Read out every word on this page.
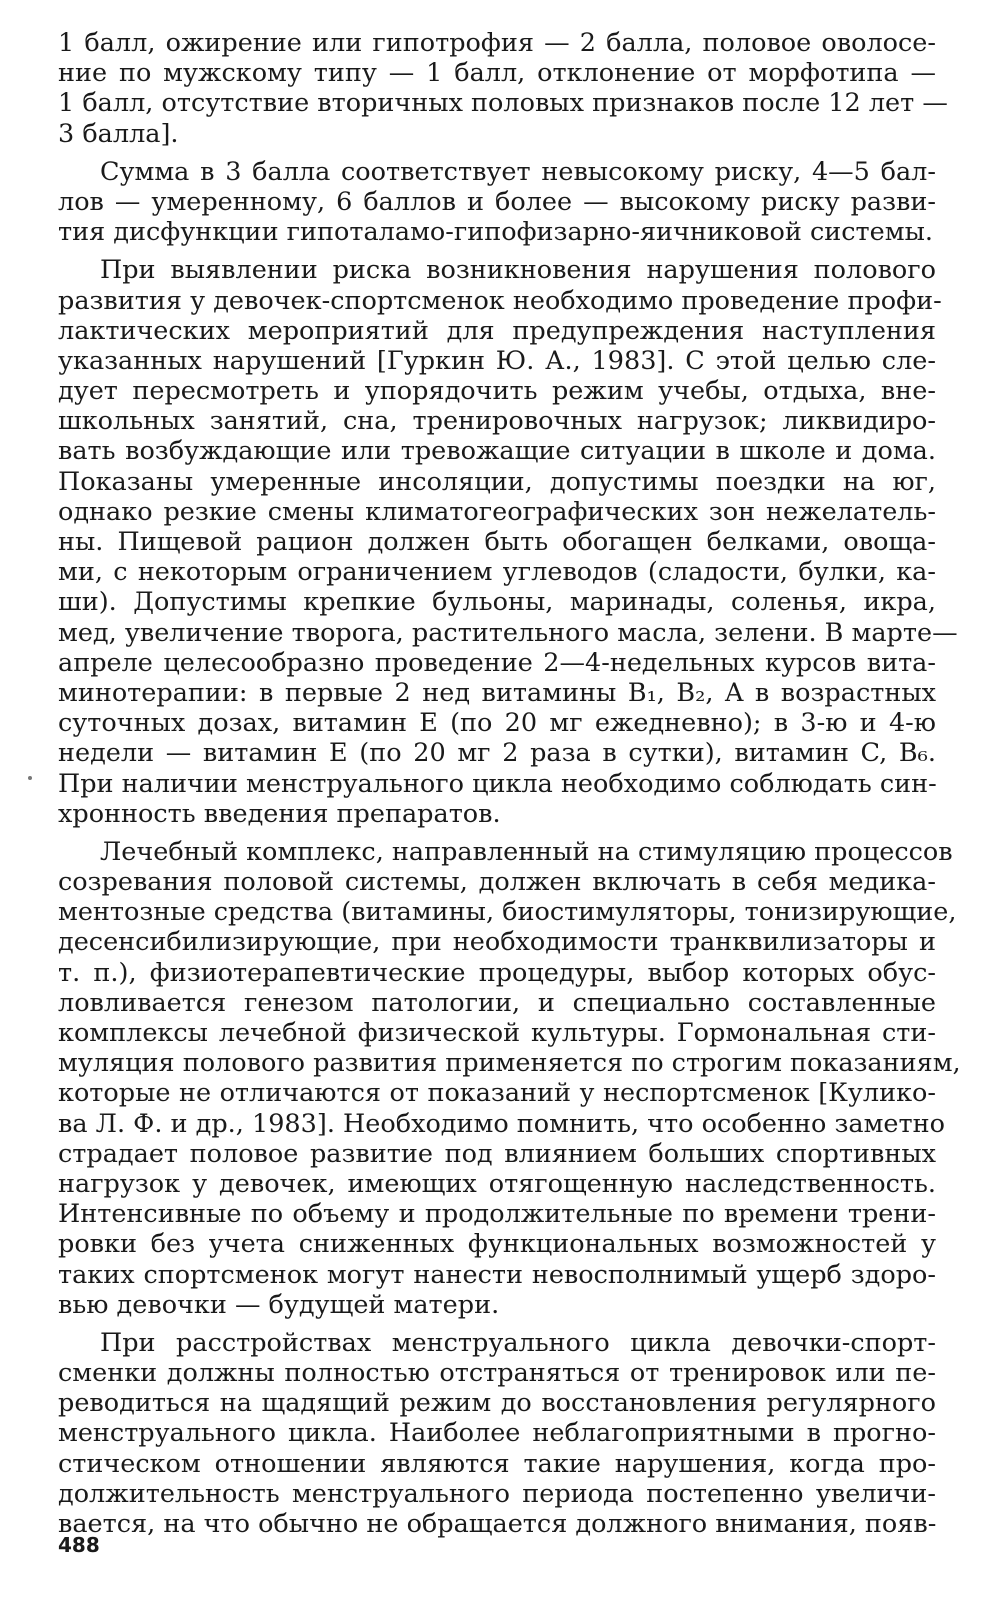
1 балл, ожирение или гипотрофия — 2 балла, половое оволосе-
ние по мужскому типу — 1 балл, отклонение от морфотипа —
1 балл, отсутствие вторичных половых признаков после 12 лет —
3 балла].
Сумма в 3 балла соответствует невысокому риску, 4—5 бал-
лов — умеренному, 6 баллов и более — высокому риску разви-
тия дисфункции гипоталамо-гипофизарно-яичниковой системы.
При выявлении риска возникновения нарушения полового
развития у девочек-спортсменок необходимо проведение профи-
лактических мероприятий для предупреждения наступления
указанных нарушений [Гуркин Ю. А., 1983]. С этой целью сле-
дует пересмотреть и упорядочить режим учебы, отдыха, вне-
школьных занятий, сна, тренировочных нагрузок; ликвидиро-
вать возбуждающие или тревожащие ситуации в школе и дома.
Показаны умеренные инсоляции, допустимы поездки на юг,
однако резкие смены климатогеографических зон нежелатель-
ны. Пищевой рацион должен быть обогащен белками, овоща-
ми, с некоторым ограничением углеводов (сладости, булки, ка-
ши). Допустимы крепкие бульоны, маринады, соленья, икра,
мед, увеличение творога, растительного масла, зелени. В марте—
апреле целесообразно проведение 2—4-недельных курсов вита-
минотерапии: в первые 2 нед витамины B₁, B₂, A в возрастных
суточных дозах, витамин E (по 20 мг ежедневно); в 3-ю и 4-ю
недели — витамин E (по 20 мг 2 раза в сутки), витамин C, B₆.
При наличии менструального цикла необходимо соблюдать син-
хронность введения препаратов.
Лечебный комплекс, направленный на стимуляцию процессов
созревания половой системы, должен включать в себя медика-
ментозные средства (витамины, биостимуляторы, тонизирующие,
десенсибилизирующие, при необходимости транквилизаторы и
т. п.), физиотерапевтические процедуры, выбор которых обус-
ловливается генезом патологии, и специально составленные
комплексы лечебной физической культуры. Гормональная сти-
муляция полового развития применяется по строгим показаниям,
которые не отличаются от показаний у неспортсменок [Кулико-
ва Л. Ф. и др., 1983]. Необходимо помнить, что особенно заметно
страдает половое развитие под влиянием больших спортивных
нагрузок у девочек, имеющих отягощенную наследственность.
Интенсивные по объему и продолжительные по времени трени-
ровки без учета сниженных функциональных возможностей у
таких спортсменок могут нанести невосполнимый ущерб здоро-
вью девочки — будущей матери.
При расстройствах менструального цикла девочки-спорт-
сменки должны полностью отстраняться от тренировок или пе-
реводиться на щадящий режим до восстановления регулярного
менструального цикла. Наиболее неблагоприятными в прогно-
стическом отношении являются такие нарушения, когда про-
должительность менструального периода постепенно увеличи-
вается, на что обычно не обращается должного внимания, появ-
488
